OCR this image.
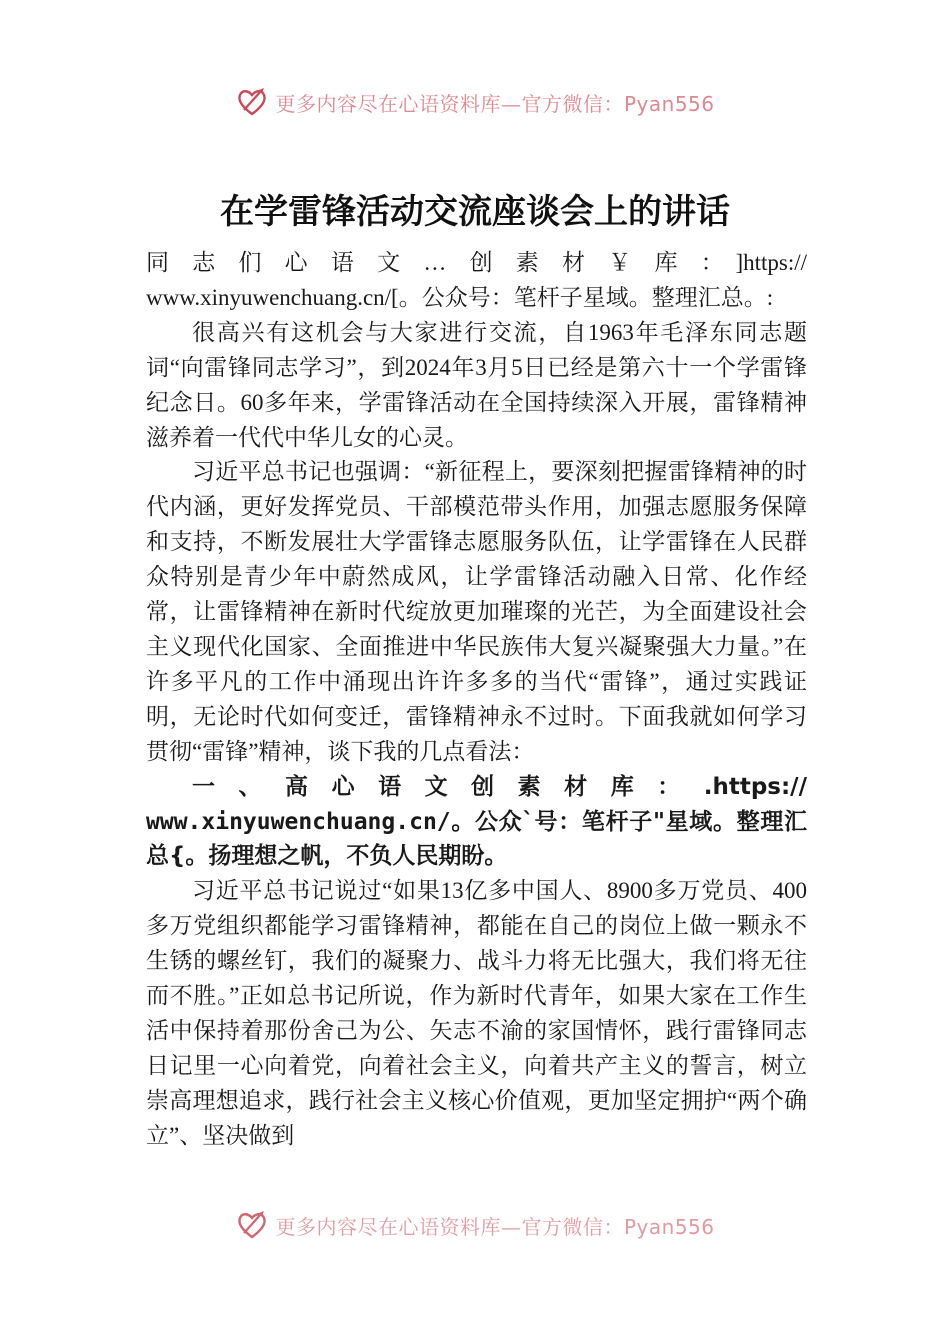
更多内容尽在心语资料库—官方微信：Pyan556
在学雷锋活动交流座谈会上的讲话

同志们心语文…创素材￥库：]https://

www.xinyuwenchuang.cn/[。公众号：笔杆子星域。整理汇总。:

很高兴有这机会与大家进行交流，自1963年毛泽东同志题词“向雷锋同志学习”，到2024年3月5日已经是第六十一个学雷锋纪念日。60多年来，学雷锋活动在全国持续深入开展，雷锋精神滋养着一代代中华儿女的心灵。

习近平总书记也强调：“新征程上，要深刻把握雷锋精神的时代内涵，更好发挥党员、干部模范带头作用，加强志愿服务保障和支持，不断发展壮大学雷锋志愿服务队伍，让学雷锋在人民群众特别是青少年中蔚然成风，让学雷锋活动融入日常、化作经常，让雷锋精神在新时代绽放更加璀璨的光芒，为全面建设社会主义现代化国家、全面推进中华民族伟大复兴凝聚强大力量。”在许多平凡的工作中涌现出许许多多的当代“雷锋”，通过实践证明，无论时代如何变迁，雷锋精神永不过时。下面我就如何学习贯彻“雷锋”精神，谈下我的几点看法：

一、高心语文创素材库：.https://

www.xinyuwenchuang.cn/。公众`号：笔杆子"星域。整理汇总{。扬理想之帆，不负人民期盼。

习近平总书记说过“如果13亿多中国人、8900多万党员、400多万党组织都能学习雷锋精神，都能在自己的岗位上做一颗永不生锈的螺丝钉，我们的凝聚力、战斗力将无比强大，我们将无往而不胜。”正如总书记所说，作为新时代青年，如果大家在工作生活中保持着那份舍己为公、矢志不渝的家国情怀，践行雷锋同志日记里一心向着党，向着社会主义，向着共产主义的誓言，树立崇高理想追求，践行社会主义核心价值观，更加坚定拥护“两个确立”、坚决做到

更多内容尽在心语资料库—官方微信：Pyan556
